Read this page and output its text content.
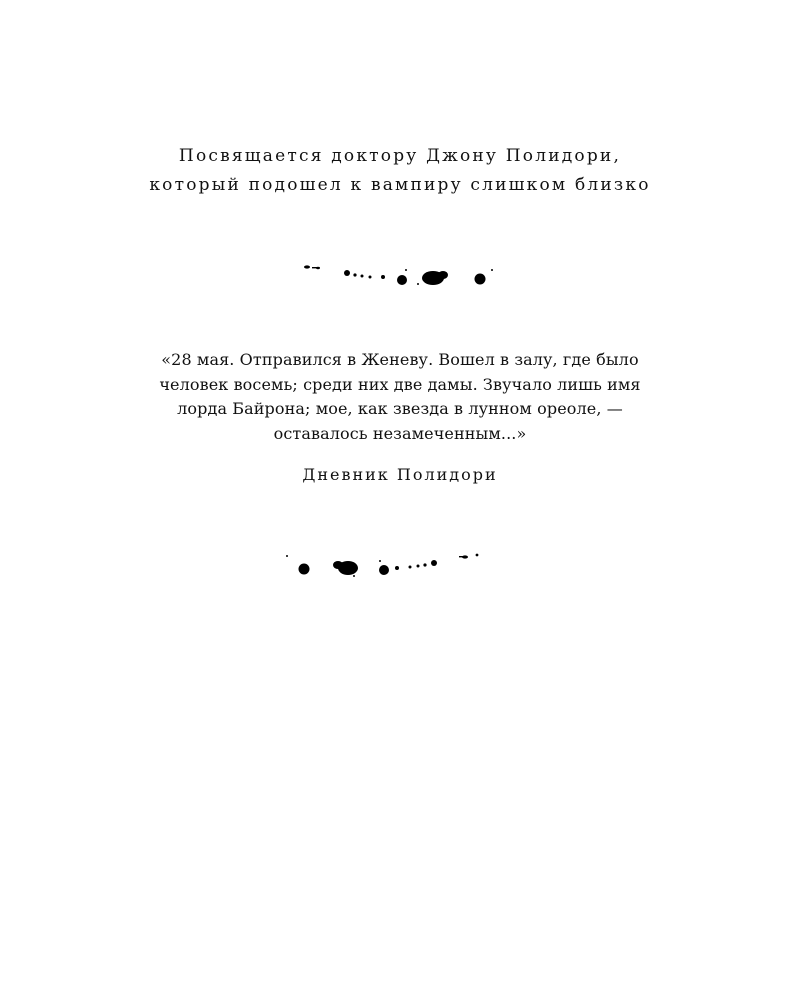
Посвящается доктору Джону Полидори,
который подошел к вампиру слишком близко
«28 мая. Отправился в Женеву. Вошел в залу, где было
человек восемь; среди них две дамы. Звучало лишь имя
лорда Байрона; мое, как звезда в лунном ореоле, —
оставалось незамеченным...»
Дневник Полидори
